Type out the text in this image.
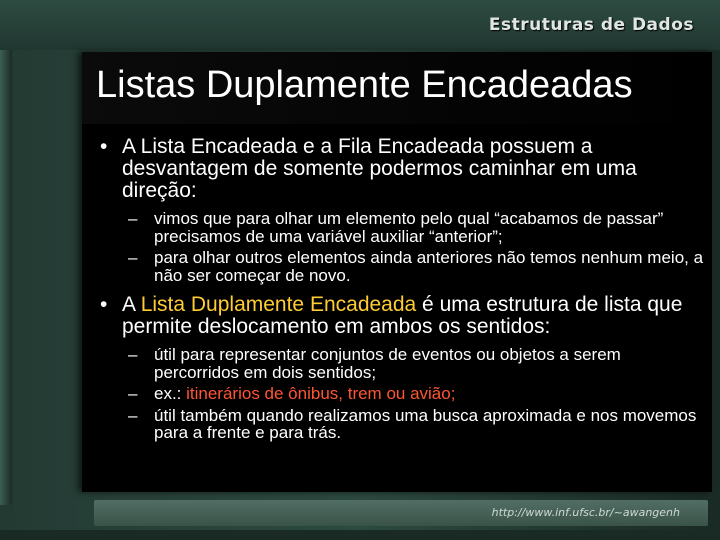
Estruturas de Dados
Listas Duplamente Encadeadas

• A Lista Encadeada e a Fila Encadeada possuem a desvantagem de somente podermos caminhar em uma direção:

– vimos que para olhar um elemento pelo qual “acabamos de passar” precisamos de uma variável auxiliar “anterior”;

– para olhar outros elementos ainda anteriores não temos nenhum meio, a não ser começar de novo.

• A Lista Duplamente Encadeada é uma estrutura de lista que permite deslocamento em ambos os sentidos:

– útil para representar conjuntos de eventos ou objetos a serem percorridos em dois sentidos;

– ex.: itinerários de ônibus, trem ou avião;

– útil também quando realizamos uma busca aproximada e nos movemos para a frente e para trás.

http://www.inf.ufsc.br/~awangenh
